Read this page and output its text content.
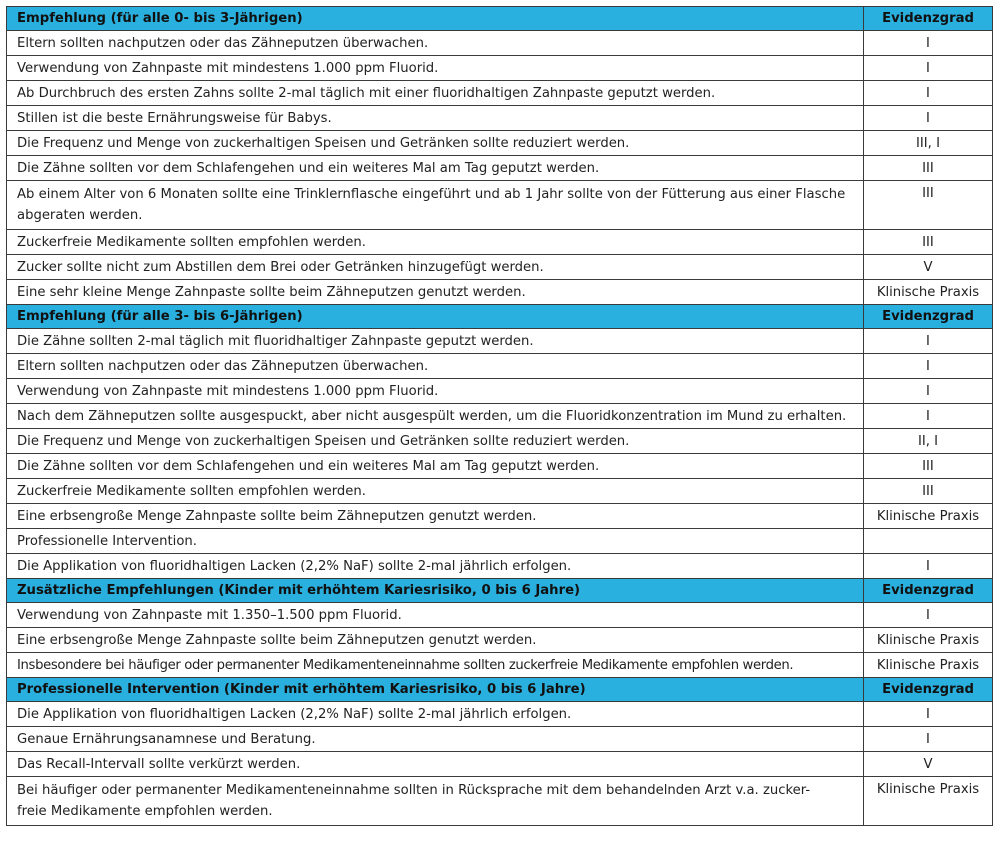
Empfehlung (für alle 0- bis 3-Jährigen)	Evidenzgrad
Eltern sollten nachputzen oder das Zähneputzen überwachen.	I
Verwendung von Zahnpaste mit mindestens 1.000 ppm Fluorid.	I
Ab Durchbruch des ersten Zahns sollte 2-mal täglich mit einer fluoridhaltigen Zahnpaste geputzt werden.	I
Stillen ist die beste Ernährungsweise für Babys.	I
Die Frequenz und Menge von zuckerhaltigen Speisen und Getränken sollte reduziert werden.	III, I
Die Zähne sollten vor dem Schlafengehen und ein weiteres Mal am Tag geputzt werden.	III
Ab einem Alter von 6 Monaten sollte eine Trinklernflasche eingeführt und ab 1 Jahr sollte von der Fütterung aus einer Flasche abgeraten werden.	III
Zuckerfreie Medikamente sollten empfohlen werden.	III
Zucker sollte nicht zum Abstillen dem Brei oder Getränken hinzugefügt werden.	V
Eine sehr kleine Menge Zahnpaste sollte beim Zähneputzen genutzt werden.	Klinische Praxis
Empfehlung (für alle 3- bis 6-Jährigen)	Evidenzgrad
Die Zähne sollten 2-mal täglich mit fluoridhaltiger Zahnpaste geputzt werden.	I
Eltern sollten nachputzen oder das Zähneputzen überwachen.	I
Verwendung von Zahnpaste mit mindestens 1.000 ppm Fluorid.	I
Nach dem Zähneputzen sollte ausgespuckt, aber nicht ausgespült werden, um die Fluoridkonzentration im Mund zu erhalten.	I
Die Frequenz und Menge von zuckerhaltigen Speisen und Getränken sollte reduziert werden.	II, I
Die Zähne sollten vor dem Schlafengehen und ein weiteres Mal am Tag geputzt werden.	III
Zuckerfreie Medikamente sollten empfohlen werden.	III
Eine erbsengroße Menge Zahnpaste sollte beim Zähneputzen genutzt werden.	Klinische Praxis
Professionelle Intervention.	
Die Applikation von fluoridhaltigen Lacken (2,2% NaF) sollte 2-mal jährlich erfolgen.	I
Zusätzliche Empfehlungen (Kinder mit erhöhtem Kariesrisiko, 0 bis 6 Jahre)	Evidenzgrad
Verwendung von Zahnpaste mit 1.350–1.500 ppm Fluorid.	I
Eine erbsengroße Menge Zahnpaste sollte beim Zähneputzen genutzt werden.	Klinische Praxis
Insbesondere bei häufiger oder permanenter Medikamenteneinnahme sollten zuckerfreie Medikamente empfohlen werden.	Klinische Praxis
Professionelle Intervention (Kinder mit erhöhtem Kariesrisiko, 0 bis 6 Jahre)	Evidenzgrad
Die Applikation von fluoridhaltigen Lacken (2,2% NaF) sollte 2-mal jährlich erfolgen.	I
Genaue Ernährungsanamnese und Beratung.	I
Das Recall-Intervall sollte verkürzt werden.	V
Bei häufiger oder permanenter Medikamenteneinnahme sollten in Rücksprache mit dem behandelnden Arzt v.a. zucker-
freie Medikamente empfohlen werden.	Klinische Praxis
